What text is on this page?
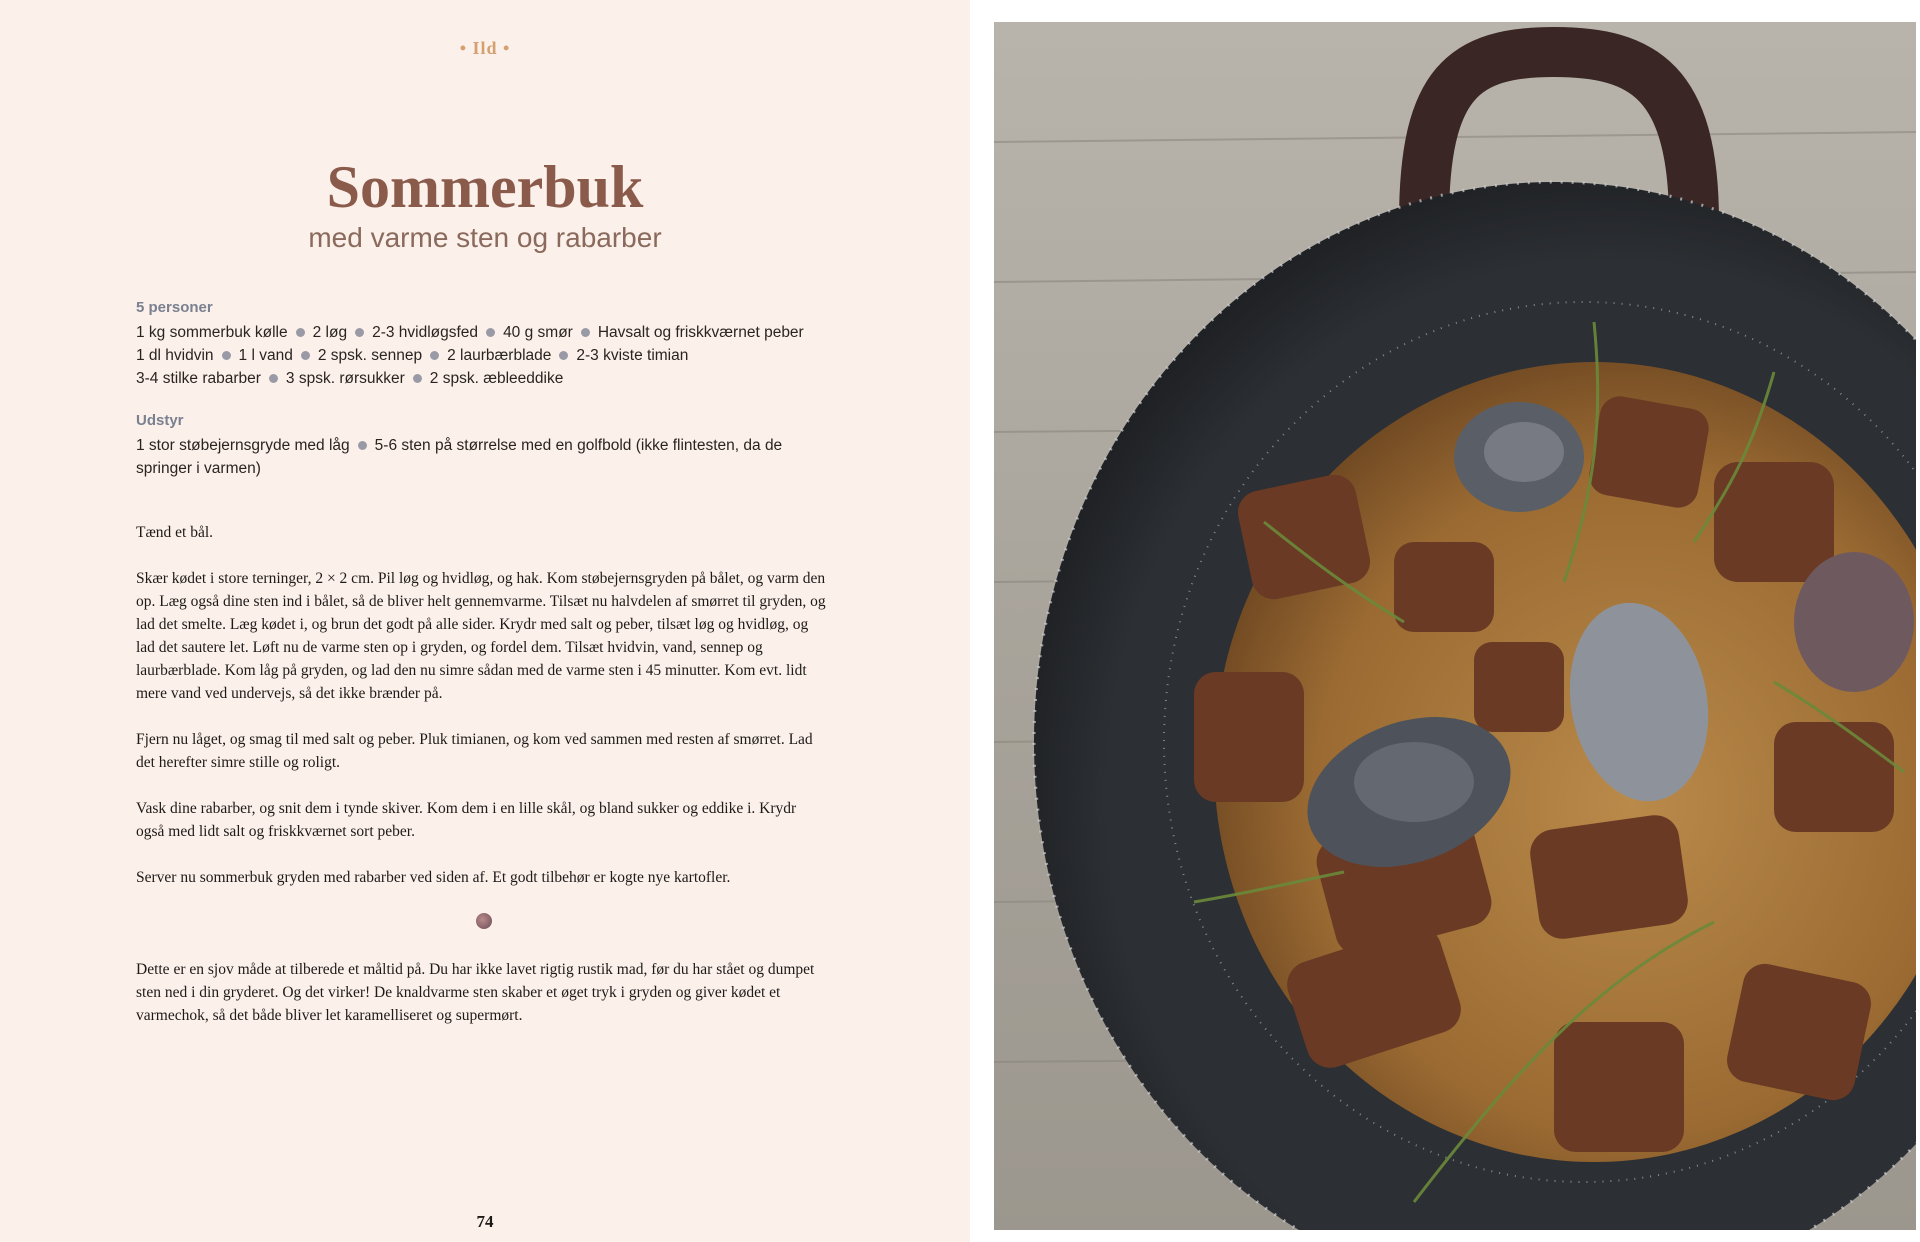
• Ild •
Sommerbuk
med varme sten og rabarber
5 personer
1 kg sommerbuk kølle 2 løg 2-3 hvidløgsfed 40 g smør Havsalt og friskkværnet peber
1 dl hvidvin 1 l vand 2 spsk. sennep 2 laurbærblade 2-3 kviste timian
3-4 stilke rabarber 3 spsk. rørsukker 2 spsk. æbleeddike
Udstyr
1 stor støbejernsgryde med låg 5-6 sten på størrelse med en golfbold (ikke flintesten, da de springer i varmen)

Tænd et bål.

Skær kødet i store terninger, 2 × 2 cm. Pil løg og hvidløg, og hak. Kom støbejernsgryden på bålet, og varm den op. Læg også dine sten ind i bålet, så de bliver helt gennemvarme. Tilsæt nu halvdelen af smørret til gryden, og lad det smelte. Læg kødet i, og brun det godt på alle sider. Krydr med salt og peber, tilsæt løg og hvidløg, og lad det sautere let. Løft nu de varme sten op i gryden, og fordel dem. Tilsæt hvidvin, vand, sennep og laurbærblade. Kom låg på gryden, og lad den nu simre sådan med de varme sten i 45 minutter. Kom evt. lidt mere vand ved undervejs, så det ikke brænder på.

Fjern nu låget, og smag til med salt og peber. Pluk timianen, og kom ved sammen med resten af smørret. Lad det herefter simre stille og roligt.

Vask dine rabarber, og snit dem i tynde skiver. Kom dem i en lille skål, og bland sukker og eddike i. Krydr også med lidt salt og friskkværnet sort peber.

Server nu sommerbuk gryden med rabarber ved siden af. Et godt tilbehør er kogte nye kartofler.

Dette er en sjov måde at tilberede et måltid på. Du har ikke lavet rigtig rustik mad, før du har stået og dumpet sten ned i din gryderet. Og det virker! De knaldvarme sten skaber et øget tryk i gryden og giver kødet et varmechok, så det både bliver let karamelliseret og supermørt.

74
